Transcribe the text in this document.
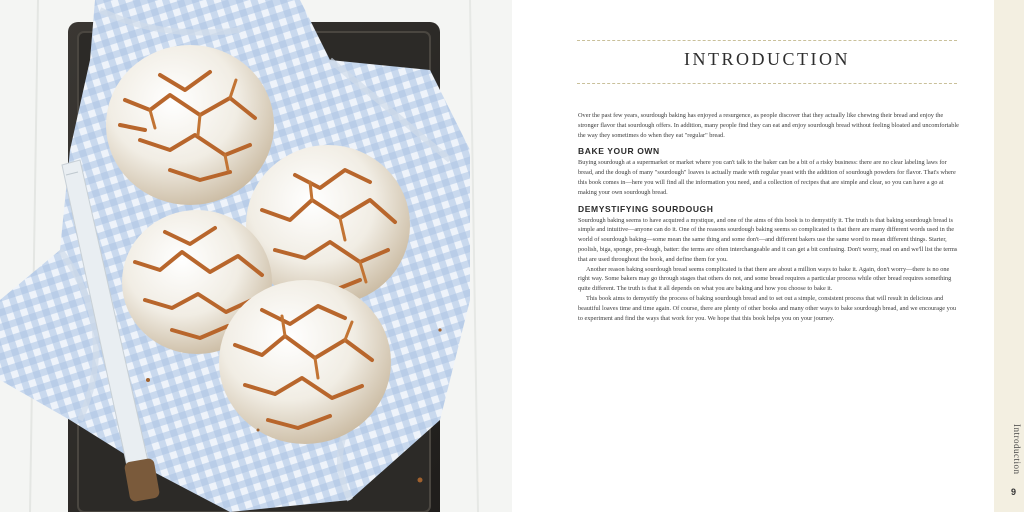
INTRODUCTION

Over the past few years, sourdough baking has enjoyed a resurgence, as people discover that they actually like chewing their bread and enjoy the stronger flavor that sourdough offers. In addition, many people find they can eat and enjoy sourdough bread without feeling bloated and uncomfortable the way they sometimes do when they eat "regular" bread.

BAKE YOUR OWN

Buying sourdough at a supermarket or market where you can't talk to the baker can be a bit of a risky business: there are no clear labeling laws for bread, and the dough of many "sourdough" loaves is actually made with regular yeast with the addition of sourdough powders for flavor. That's where this book comes in—here you will find all the information you need, and a collection of recipes that are simple and clear, so you can have a go at making your own sourdough bread.

DEMYSTIFYING SOURDOUGH

Sourdough baking seems to have acquired a mystique, and one of the aims of this book is to demystify it. The truth is that baking sourdough bread is simple and intuitive—anyone can do it. One of the reasons sourdough baking seems so complicated is that there are many different words used in the world of sourdough baking—some mean the same thing and some don't—and different bakers use the same word to mean different things. Starter, poolish, biga, sponge, pre-dough, batter: the terms are often interchangeable and it can get a bit confusing. Don't worry, read on and we'll list the terms that are used throughout the book, and define them for you.

Another reason baking sourdough bread seems complicated is that there are about a million ways to bake it. Again, don't worry—there is no one right way. Some bakers may go through stages that others do not, and some bread requires a particular process while other bread requires something quite different. The truth is that it all depends on what you are baking and how you choose to bake it.

This book aims to demystify the process of baking sourdough bread and to set out a simple, consistent process that will result in delicious and beautiful loaves time and time again. Of course, there are plenty of other books and many other ways to bake sourdough bread, and we encourage you to experiment and find the ways that work for you. We hope that this book helps you on your journey.

Introduction
9
